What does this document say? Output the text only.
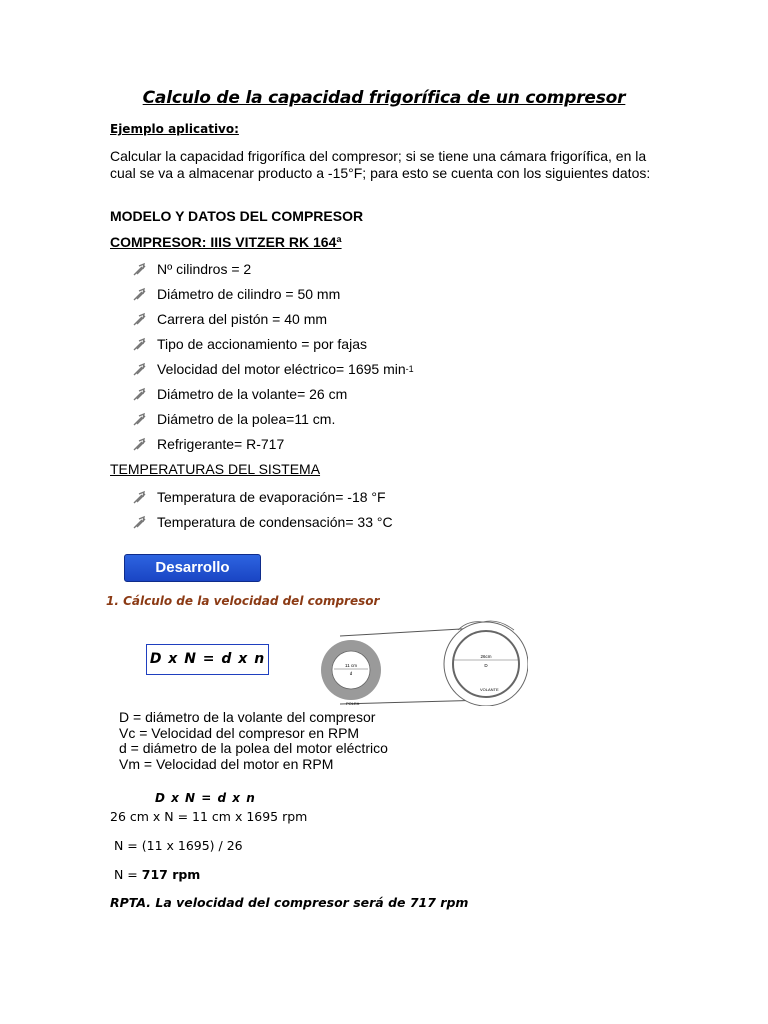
Calculo de la capacidad frigorífica de un compresor
Ejemplo aplicativo:
Calcular la capacidad frigorífica del compresor; si se tiene una cámara frigorífica, en la cual se va a almacenar producto a -15°F; para esto se cuenta con los siguientes datos:
MODELO Y DATOS DEL COMPRESOR
COMPRESOR: IIIS VITZER RK 164ª
Nº cilindros = 2
Diámetro de cilindro = 50 mm
Carrera del pistón = 40 mm
Tipo de accionamiento = por fajas
Velocidad del motor eléctrico= 1695 min -1
Diámetro de la volante= 26 cm
Diámetro de la polea=11 cm.
Refrigerante= R-717
TEMPERATURAS DEL SISTEMA
Temperatura de evaporación= -18 °F
Temperatura de condensación= 33 °C
Desarrollo
1. Cálculo de la velocidad del compresor
D x N = d x n	11 cm
d
POLEA
26cm
D
VOLANTE
D = diámetro de la volante del compresor
Vc = Velocidad del compresor en RPM
d = diámetro de la polea del motor eléctrico
Vm = Velocidad del motor en RPM
D x N = d x n
26 cm x N = 11 cm x 1695 rpm
N = (11 x 1695) / 26
N = 717 rpm
RPTA. La velocidad del compresor será de 717 rpm
